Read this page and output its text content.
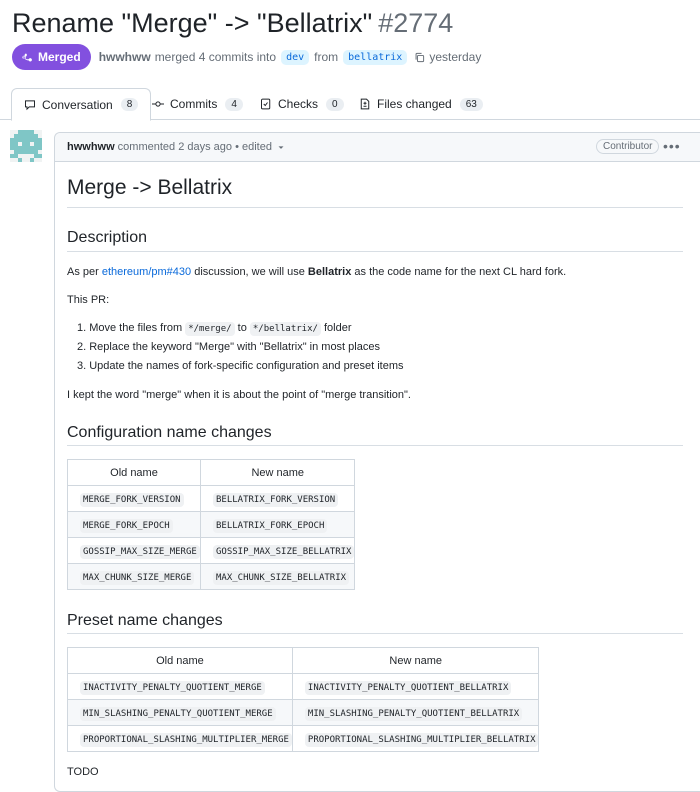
Rename "Merge" -> "Bellatrix" #2774
Merged hwwhww merged 4 commits into	dev from	bellatrix	yesterday
Conversation	8	Commits	4	Checks	0	Files changed	63
hwwhww commented 2 days ago • edited	Contributor •••
Merge -> Bellatrix
Description
As per ethereum/pm#430 discussion, we will use Bellatrix as the code name for the next CL hard fork.
This PR:
1. Move the files from */merge/ to */bellatrix/ folder
2. Replace the keyword "Merge" with "Bellatrix" in most places
3. Update the names of fork-specific configuration and preset items
I kept the word "merge" when it is about the point of "merge transition".
Configuration name changes
Old name	New name
MERGE_FORK_VERSION	BELLATRIX_FORK_VERSION
MERGE_FORK_EPOCH	BELLATRIX_FORK_EPOCH
GOSSIP_MAX_SIZE_MERGE	GOSSIP_MAX_SIZE_BELLATRIX
MAX_CHUNK_SIZE_MERGE	MAX_CHUNK_SIZE_BELLATRIX
Preset name changes
Old name	New name
INACTIVITY_PENALTY_QUOTIENT_MERGE	INACTIVITY_PENALTY_QUOTIENT_BELLATRIX
MIN_SLASHING_PENALTY_QUOTIENT_MERGE	MIN_SLASHING_PENALTY_QUOTIENT_BELLATRIX
PROPORTIONAL_SLASHING_MULTIPLIER_MERGE	PROPORTIONAL_SLASHING_MULTIPLIER_BELLATRIX
TODO
